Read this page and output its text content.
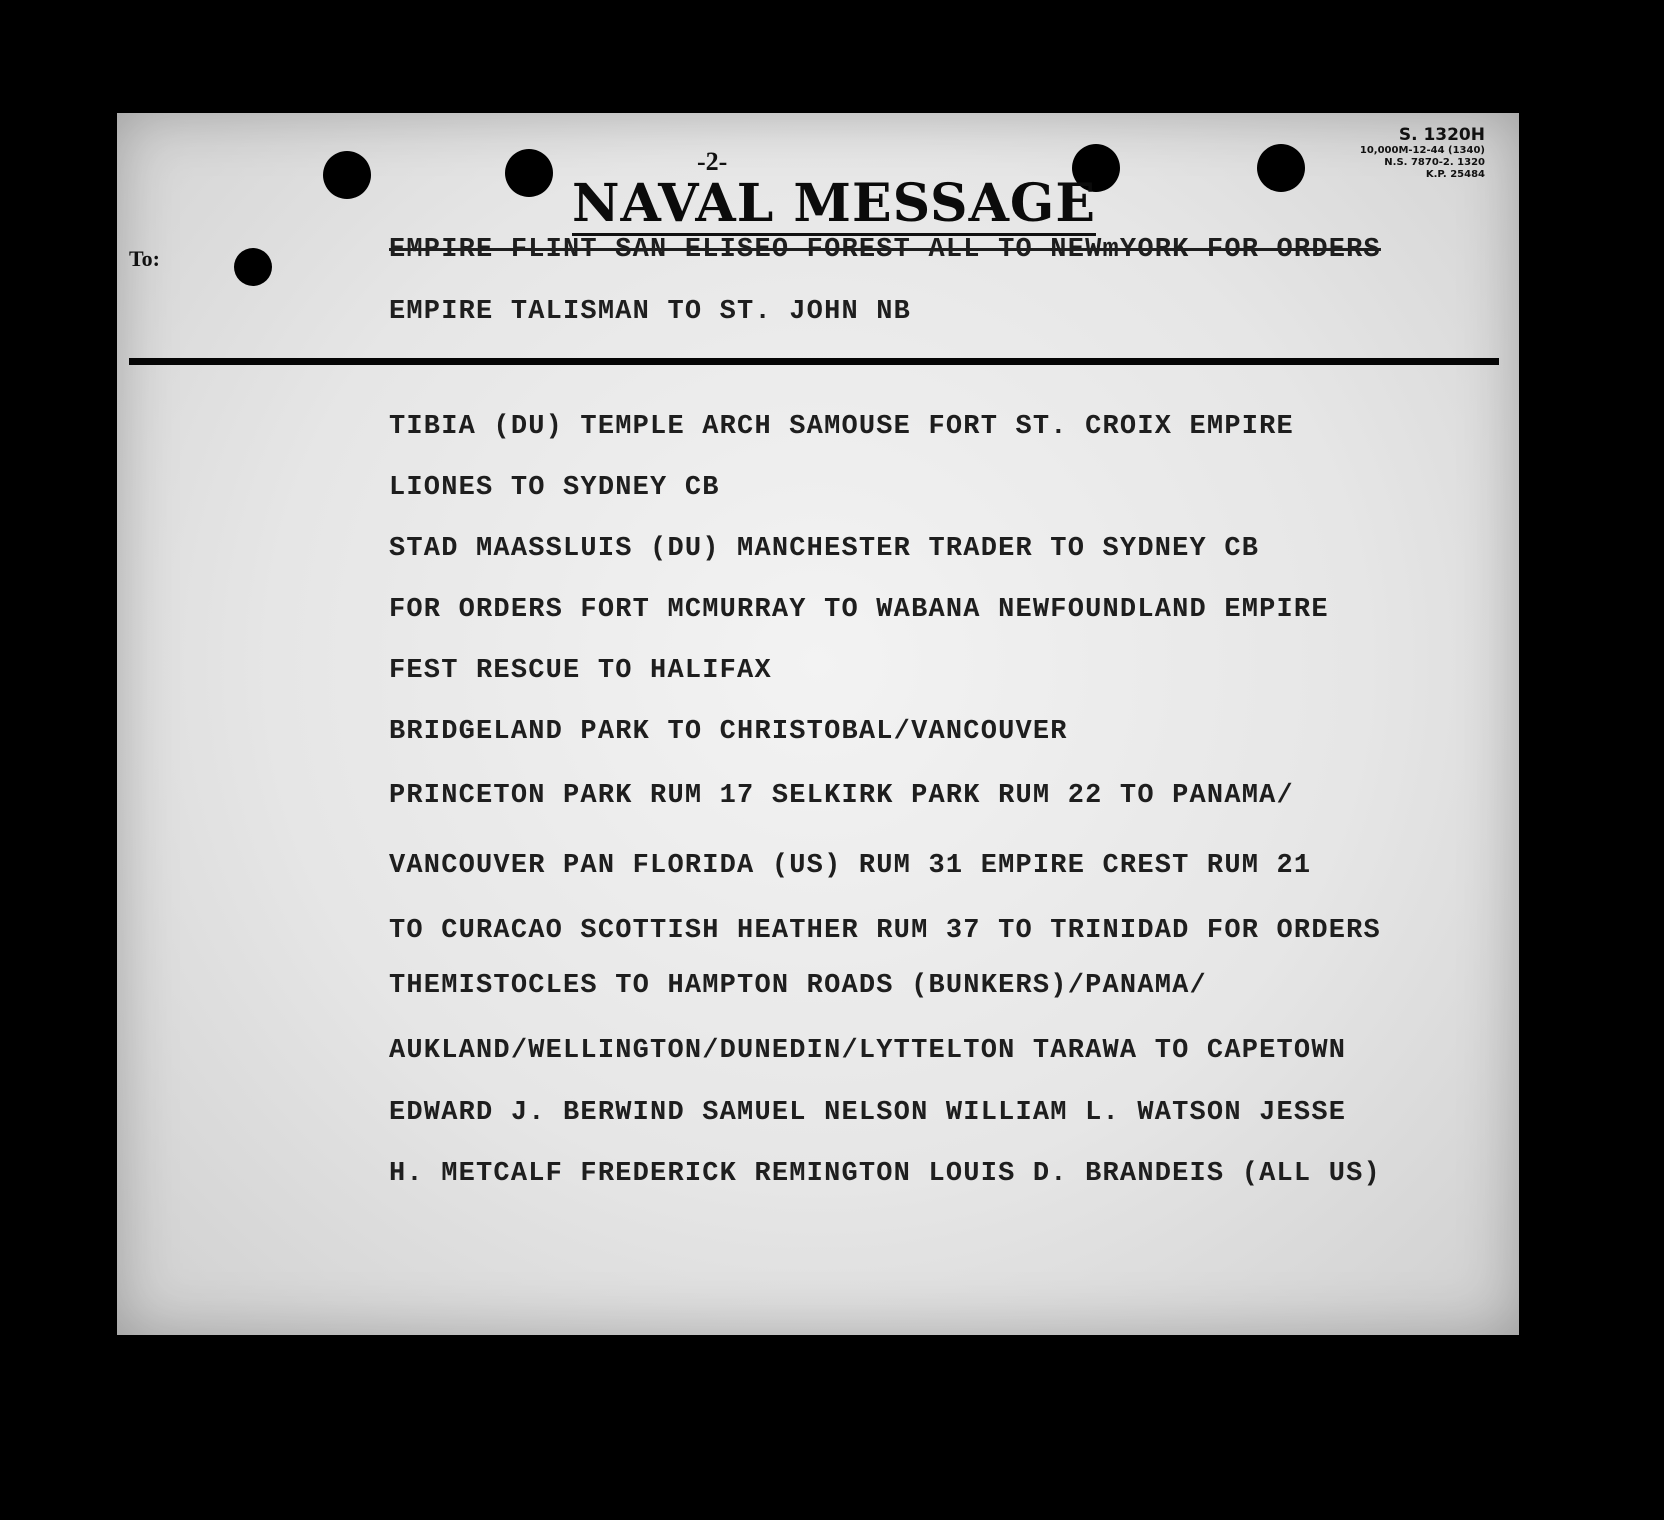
-2-
NAVAL MESSAGE
S. 1320H
10,000M-12-44 (1340)
N.S. 7870-2. 1320
K.P. 25484
To:	EMPIRE FLINT SAN ELISEO FOREST ALL TO NEWmYORK FOR ORDERS
EMPIRE TALISMAN TO ST. JOHN NB
TIBIA (DU) TEMPLE ARCH SAMOUSE FORT ST. CROIX EMPIRE
LIONES TO SYDNEY CB
STAD MAASSLUIS (DU) MANCHESTER TRADER TO SYDNEY CB
FOR ORDERS FORT MCMURRAY TO WABANA NEWFOUNDLAND EMPIRE
FEST RESCUE TO HALIFAX
BRIDGELAND PARK TO CHRISTOBAL/VANCOUVER
PRINCETON PARK RUM 17 SELKIRK PARK RUM 22 TO PANAMA/
VANCOUVER PAN FLORIDA (US) RUM 31 EMPIRE CREST RUM 21
TO CURACAO SCOTTISH HEATHER RUM 37 TO TRINIDAD FOR ORDERS
THEMISTOCLES TO HAMPTON ROADS (BUNKERS)/PANAMA/
AUKLAND/WELLINGTON/DUNEDIN/LYTTELTON TARAWA TO CAPETOWN
EDWARD J. BERWIND SAMUEL NELSON WILLIAM L. WATSON JESSE
H. METCALF FREDERICK REMINGTON LOUIS D. BRANDEIS (ALL US)
